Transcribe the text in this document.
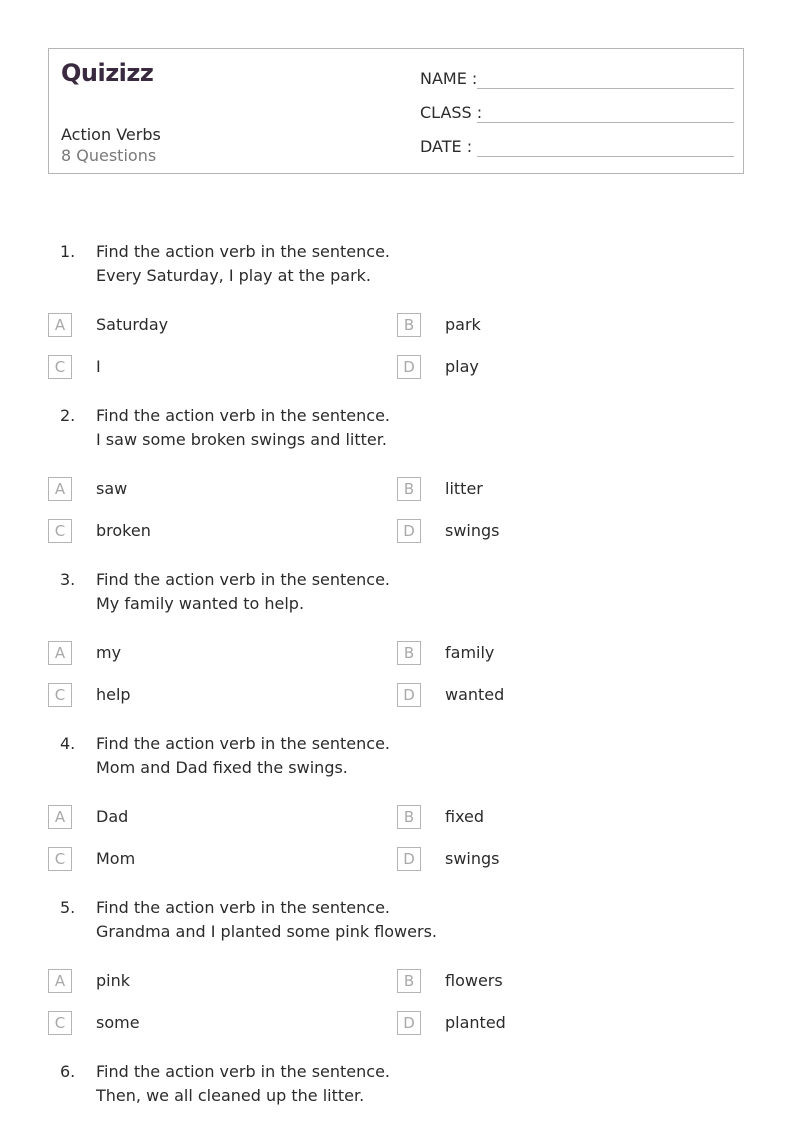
Quizizz
Action Verbs
8 Questions
NAME :
CLASS :
DATE :
1. Find the action verb in the sentence.
Every Saturday, I play at the park.
A	Saturday	B	park
C	I	D	play
2. Find the action verb in the sentence.
I saw some broken swings and litter.
A	saw	B	litter
C	broken	D	swings
3. Find the action verb in the sentence.
My family wanted to help.
A	my	B	family
C	help	D	wanted
4. Find the action verb in the sentence.
Mom and Dad fixed the swings.
A	Dad	B	fixed
C	Mom	D	swings
5. Find the action verb in the sentence.
Grandma and I planted some pink flowers.
A	pink	B	flowers
C	some	D	planted
6. Find the action verb in the sentence.
Then, we all cleaned up the litter.
